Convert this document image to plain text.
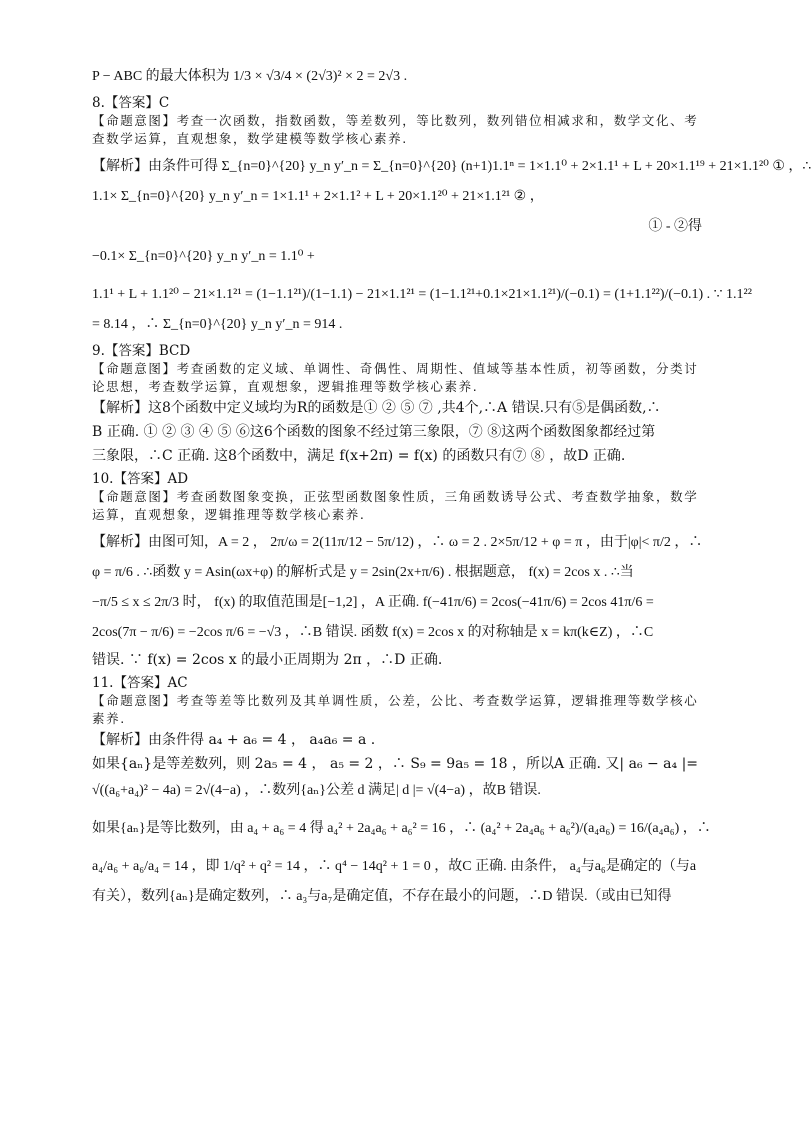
P − ABC 的最大体积为 1/3 × √3/4 × (2√3)² × 2 = 2√3 .
8.【答案】C
【命题意图】考查一次函数，指数函数，等差数列，等比数列，数列错位相减求和，数学文化、考
查数学运算，直观想象，数学建模等数学核心素养.
【解析】由条件可得 Σ_{n=0}^{20} y_n y′_n = Σ_{n=0}^{20} (n+1)1.1ⁿ = 1×1.1⁰ + 2×1.1¹ + L + 20×1.1¹⁹ + 21×1.1²⁰ ① ，∴
1.1× Σ_{n=0}^{20} y_n y′_n = 1×1.1¹ + 2×1.1² + L + 20×1.1²⁰ + 21×1.1²¹ ② ，
① - ②得
−0.1× Σ_{n=0}^{20} y_n y′_n = 1.1⁰ +
1.1¹ + L + 1.1²⁰ − 21×1.1²¹ = (1−1.1²¹)/(1−1.1) − 21×1.1²¹ = (1−1.1²¹+0.1×21×1.1²¹)/(−0.1) = (1+1.1²²)/(−0.1) . ∵ 1.1²²
= 8.14 ，∴ Σ_{n=0}^{20} y_n y′_n = 914 .
9.【答案】BCD
【命题意图】考查函数的定义域、单调性、奇偶性、周期性、值域等基本性质，初等函数，分类讨
论思想，考查数学运算，直观想象，逻辑推理等数学核心素养.
【解析】这8个函数中定义域均为R的函数是① ② ⑤ ⑦ ,共4个,∴A 错误.只有⑤是偶函数,∴
B 正确. ① ② ③ ④ ⑤ ⑥这6个函数的图象不经过第三象限，⑦ ⑧这两个函数图象都经过第
三象限，∴C 正确. 这8个函数中，满足 f(x+2π) = f(x) 的函数只有⑦ ⑧ ，故D 正确.
10.【答案】AD
【命题意图】考查函数图象变换，正弦型函数图象性质，三角函数诱导公式、考查数学抽象，数学
运算，直观想象，逻辑推理等数学核心素养.
【解析】由图可知，A = 2 ， 2π/ω = 2(11π/12 − 5π/12) ，∴ ω = 2 . 2×5π/12 + φ = π ，由于|φ|< π/2 ，∴
φ = π/6 . ∴函数 y = Asin(ωx+φ) 的解析式是 y = 2sin(2x+π/6) . 根据题意， f(x) = 2cos x . ∴当
−π/5 ≤ x ≤ 2π/3 时， f(x) 的取值范围是[−1,2] ，A 正确. f(−41π/6) = 2cos(−41π/6) = 2cos 41π/6 =
2cos(7π − π/6) = −2cos π/6 = −√3 ，∴B 错误. 函数 f(x) = 2cos x 的对称轴是 x = kπ(k∈Z) ，∴C
错误. ∵ f(x) = 2cos x 的最小正周期为 2π ，∴D 正确.
11.【答案】AC
【命题意图】考查等差等比数列及其单调性质，公差，公比、考查数学运算，逻辑推理等数学核心
素养.
【解析】由条件得 a₄ + a₆ = 4 ， a₄a₆ = a .
如果{aₙ}是等差数列，则 2a₅ = 4 ， a₅ = 2 ，∴ S₉ = 9a₅ = 18 ，所以A 正确. 又| a₆ − a₄ |=
√((a₆+a₄)² − 4a) = 2√(4−a) ，∴数列{aₙ}公差 d 满足| d |= √(4−a) ，故B 错误.
如果{aₙ}是等比数列，由 a₄ + a₆ = 4 得 a₄² + 2a₄a₆ + a₆² = 16 ，∴ (a₄² + 2a₄a₆ + a₆²)/(a₄a₆) = 16/(a₄a₆) ，∴
a₄/a₆ + a₆/a₄ = 14 ，即 1/q² + q² = 14 ，∴ q⁴ − 14q² + 1 = 0 ，故C 正确. 由条件， a₄与a₆是确定的（与a
有关），数列{aₙ}是确定数列，∴ a₃与a₇是确定值，不存在最小的问题，∴D 错误.（或由已知得
